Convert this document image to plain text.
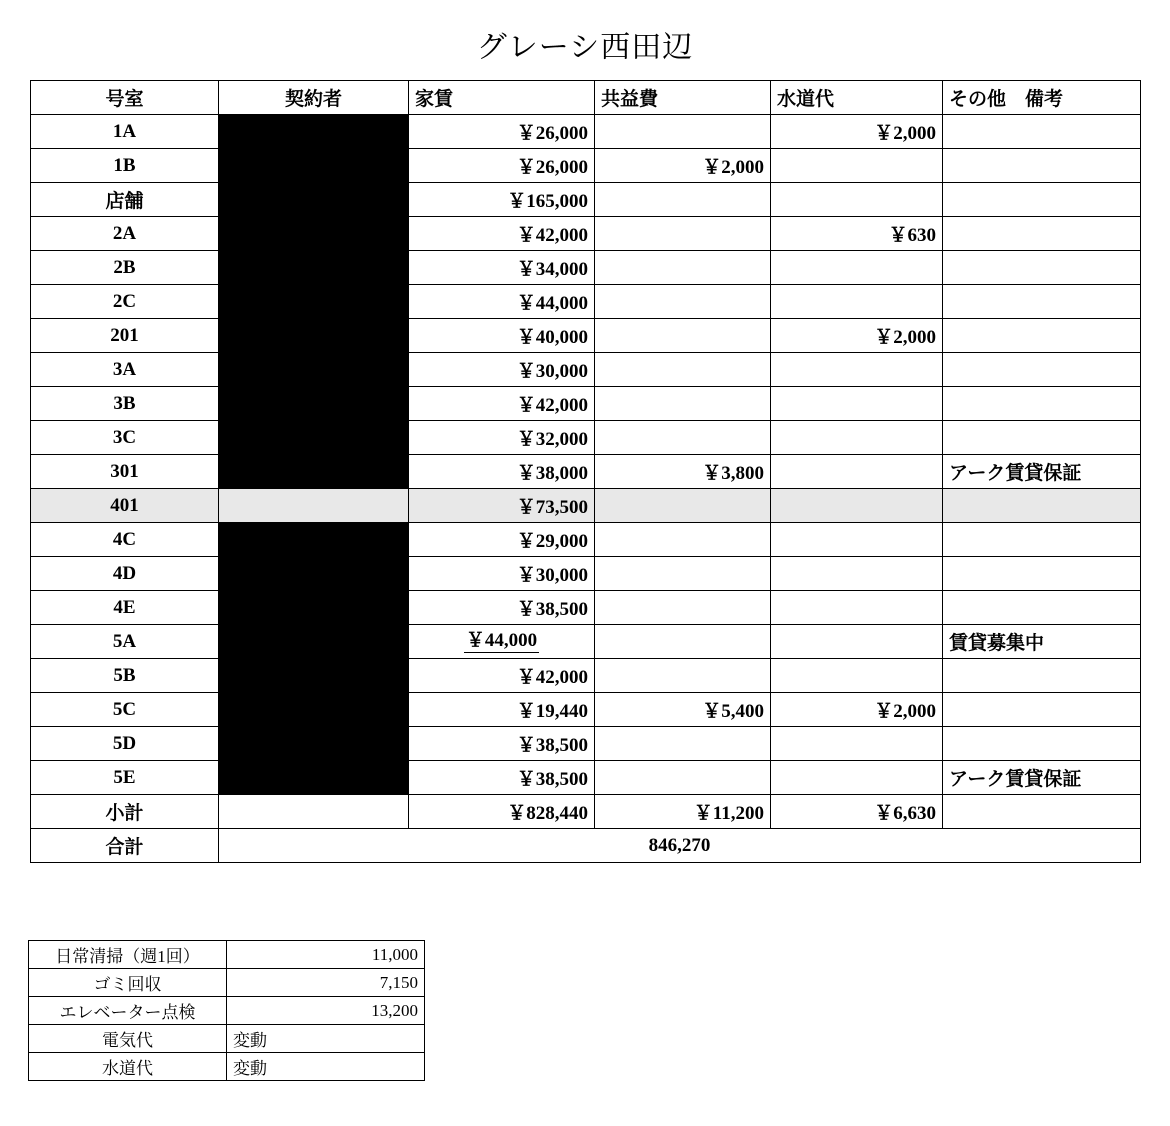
グレーシ西田辺
号室	契約者	家賃	共益費	水道代	その他　備考
1A		￥26,000		￥2,000	
1B		￥26,000	￥2,000		
店舗		￥165,000			
2A		￥42,000		￥630	
2B		￥34,000			
2C		￥44,000			
201		￥40,000		￥2,000	
3A		￥30,000			
3B		￥42,000			
3C		￥32,000			
301		￥38,000	￥3,800		アーク賃貸保証
401		￥73,500			
4C		￥29,000			
4D		￥30,000			
4E		￥38,500			
5A		￥44,000			賃貸募集中
5B		￥42,000			
5C		￥19,440	￥5,400	￥2,000	
5D		￥38,500			
5E		￥38,500			アーク賃貸保証
小計		￥828,440	￥11,200	￥6,630	
合計	846,270				
日常清掃（週1回）	11,000
ゴミ回収	7,150
エレベーター点検	13,200
電気代	変動
水道代	変動
